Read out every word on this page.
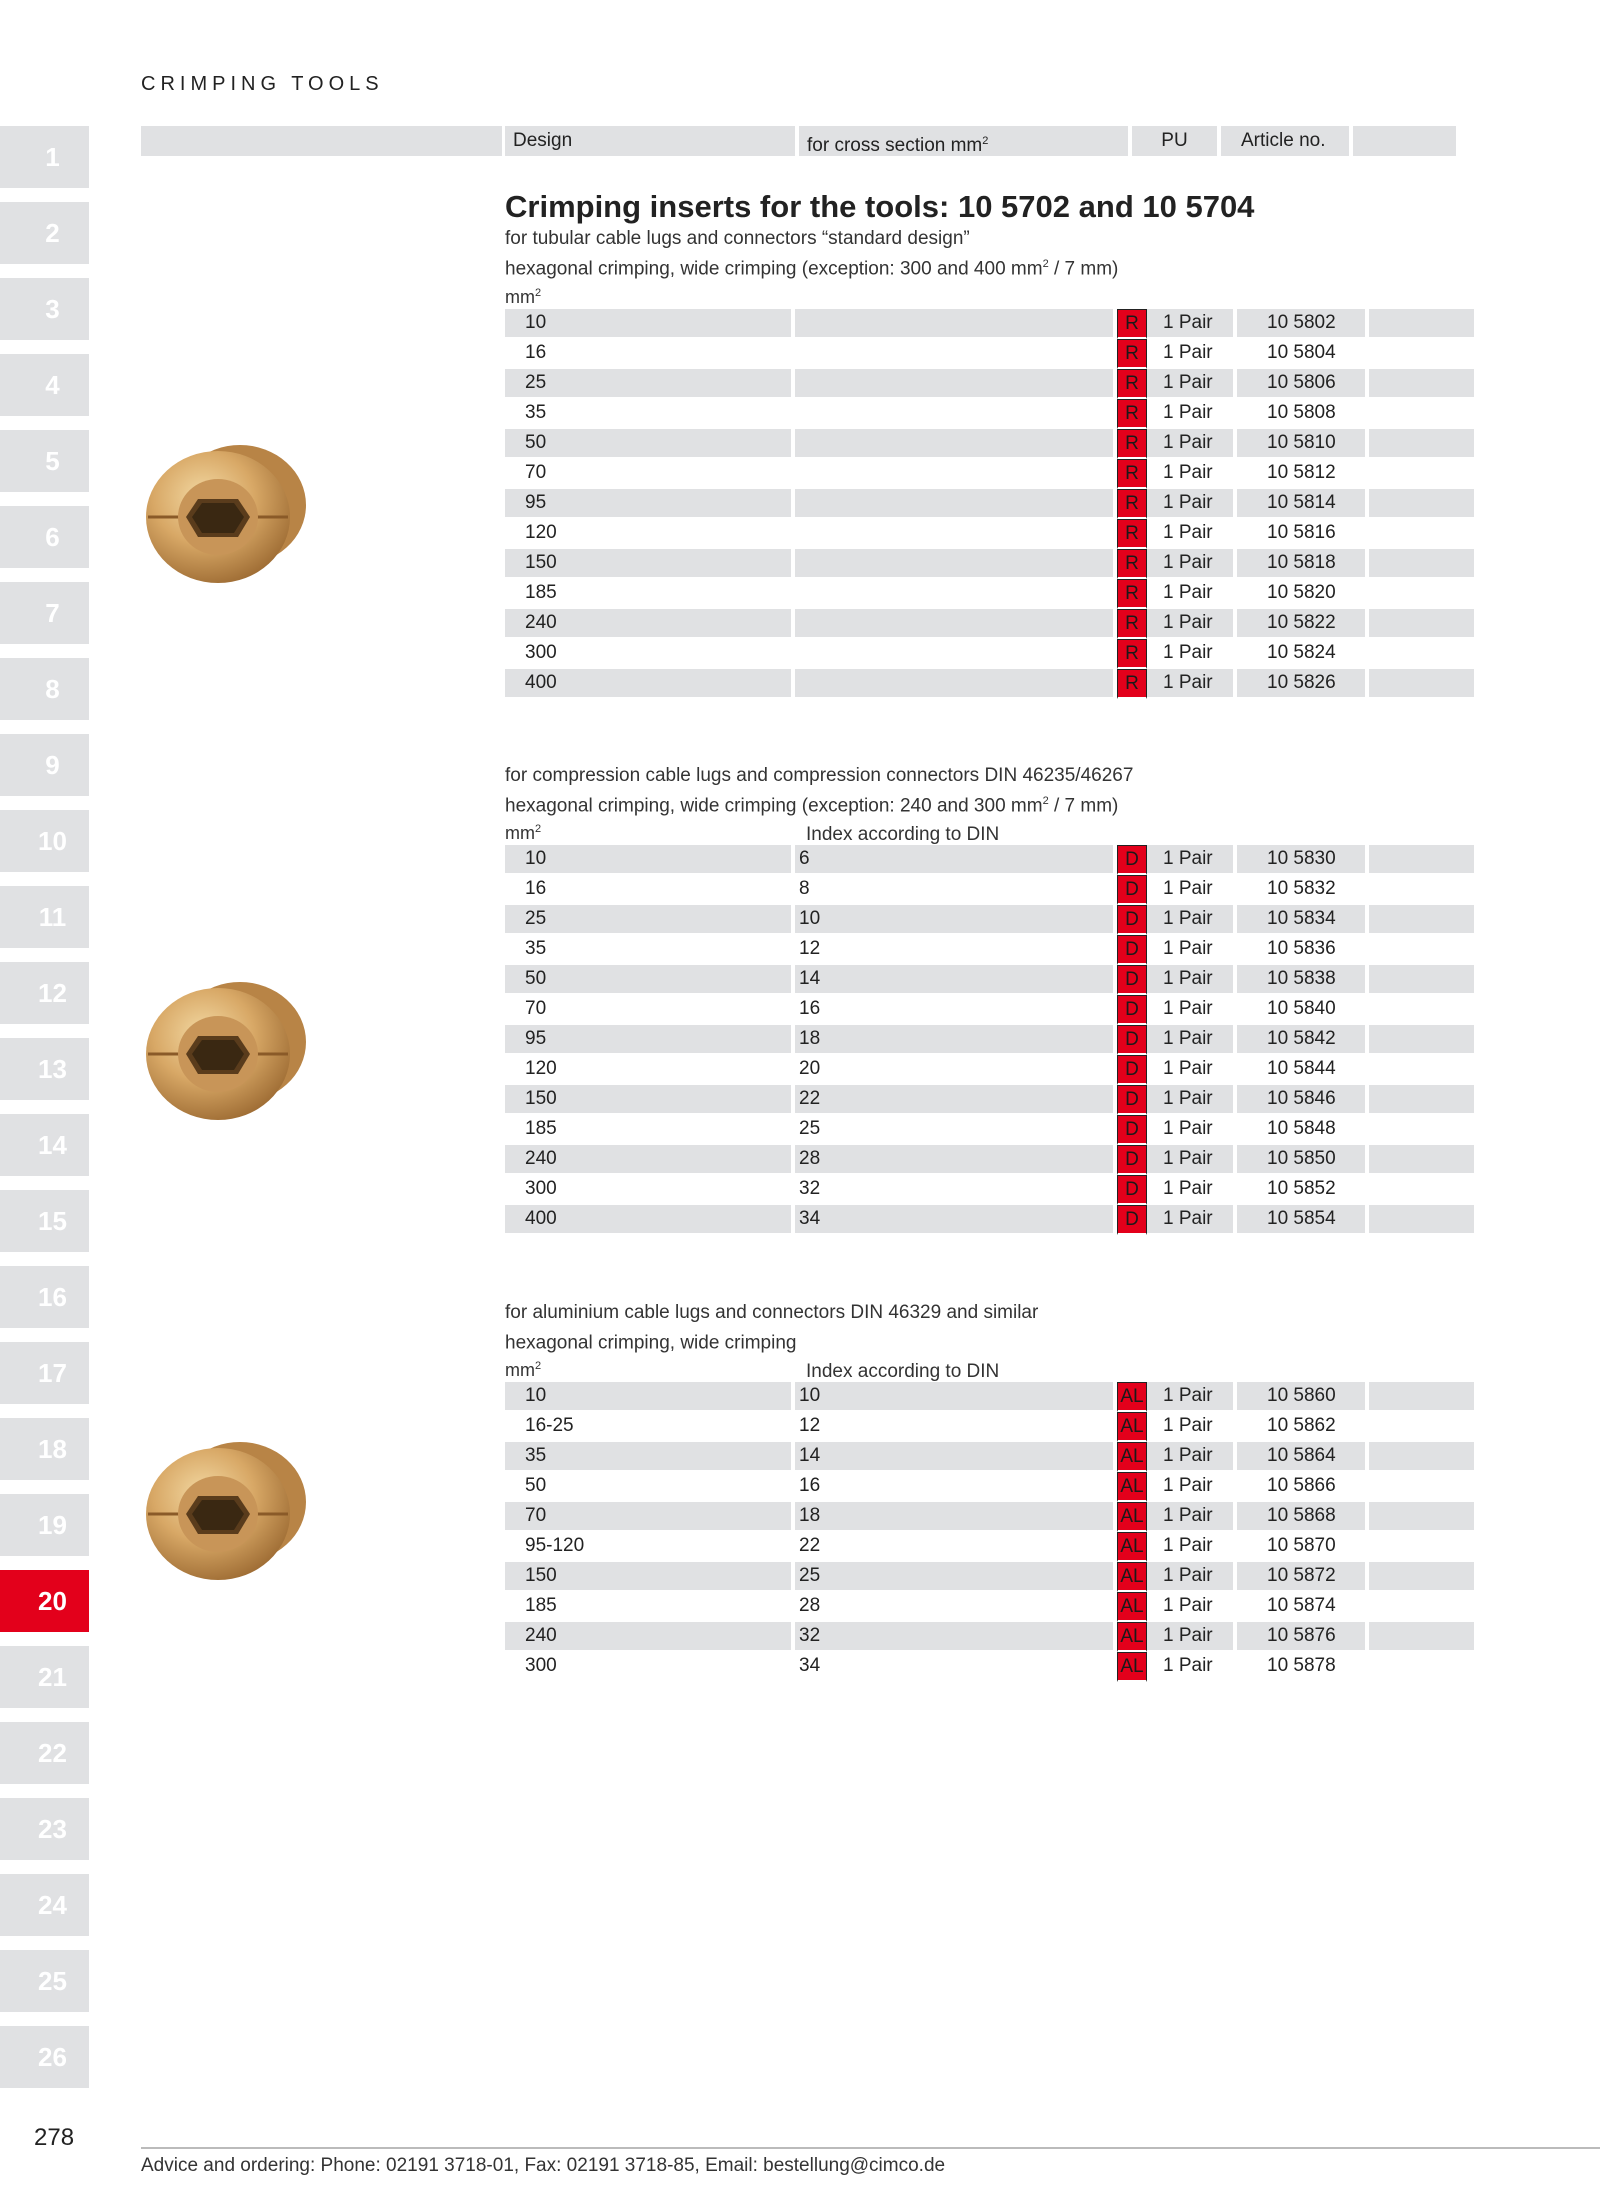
CRIMPING TOOLS
1
2
3
4
5
6
7
8
9
10
11
12
13
14
15
16
17
18
19
20
21
22
23
24
25
26
Design	for cross section $mm^2$	PU	Article no.
Crimping inserts for the tools: 10 5702 and 10 5704
for tubular cable lugs and connectors “standard design”
hexagonal crimping, wide crimping (exception: 300 and 400 $mm^2 / 7$ mm)
$mm^2$
10		R	1 Pair	10 5802	
16		R	1 Pair	10 5804	
25		R	1 Pair	10 5806	
35		R	1 Pair	10 5808	
50		R	1 Pair	10 5810	
70		R	1 Pair	10 5812	
95		R	1 Pair	10 5814	
120		R	1 Pair	10 5816	
150		R	1 Pair	10 5818	
185		R	1 Pair	10 5820	
240		R	1 Pair	10 5822	
300		R	1 Pair	10 5824	
400		R	1 Pair	10 5826	
for compression cable lugs and compression connectors DIN 46235/46267
hexagonal crimping, wide crimping (exception: 240 and 300 $mm^2 / 7$ mm)
$mm^2$	Index according to DIN
10	6	D	1 Pair	10 5830	
16	8	D	1 Pair	10 5832	
25	10	D	1 Pair	10 5834	
35	12	D	1 Pair	10 5836	
50	14	D	1 Pair	10 5838	
70	16	D	1 Pair	10 5840	
95	18	D	1 Pair	10 5842	
120	20	D	1 Pair	10 5844	
150	22	D	1 Pair	10 5846	
185	25	D	1 Pair	10 5848	
240	28	D	1 Pair	10 5850	
300	32	D	1 Pair	10 5852	
400	34	D	1 Pair	10 5854	
for aluminium cable lugs and connectors DIN 46329 and similar
hexagonal crimping, wide crimping
$mm^2$	Index according to DIN
10	10	AL	1 Pair	10 5860	
16-25	12	AL	1 Pair	10 5862	
35	14	AL	1 Pair	10 5864	
50	16	AL	1 Pair	10 5866	
70	18	AL	1 Pair	10 5868	
95-120	22	AL	1 Pair	10 5870	
150	25	AL	1 Pair	10 5872	
185	28	AL	1 Pair	10 5874	
240	32	AL	1 Pair	10 5876	
300	34	AL	1 Pair	10 5878	
278
Advice and ordering: Phone: 02191 3718-01, Fax: 02191 3718-85, Email: bestellung@cimco.de
